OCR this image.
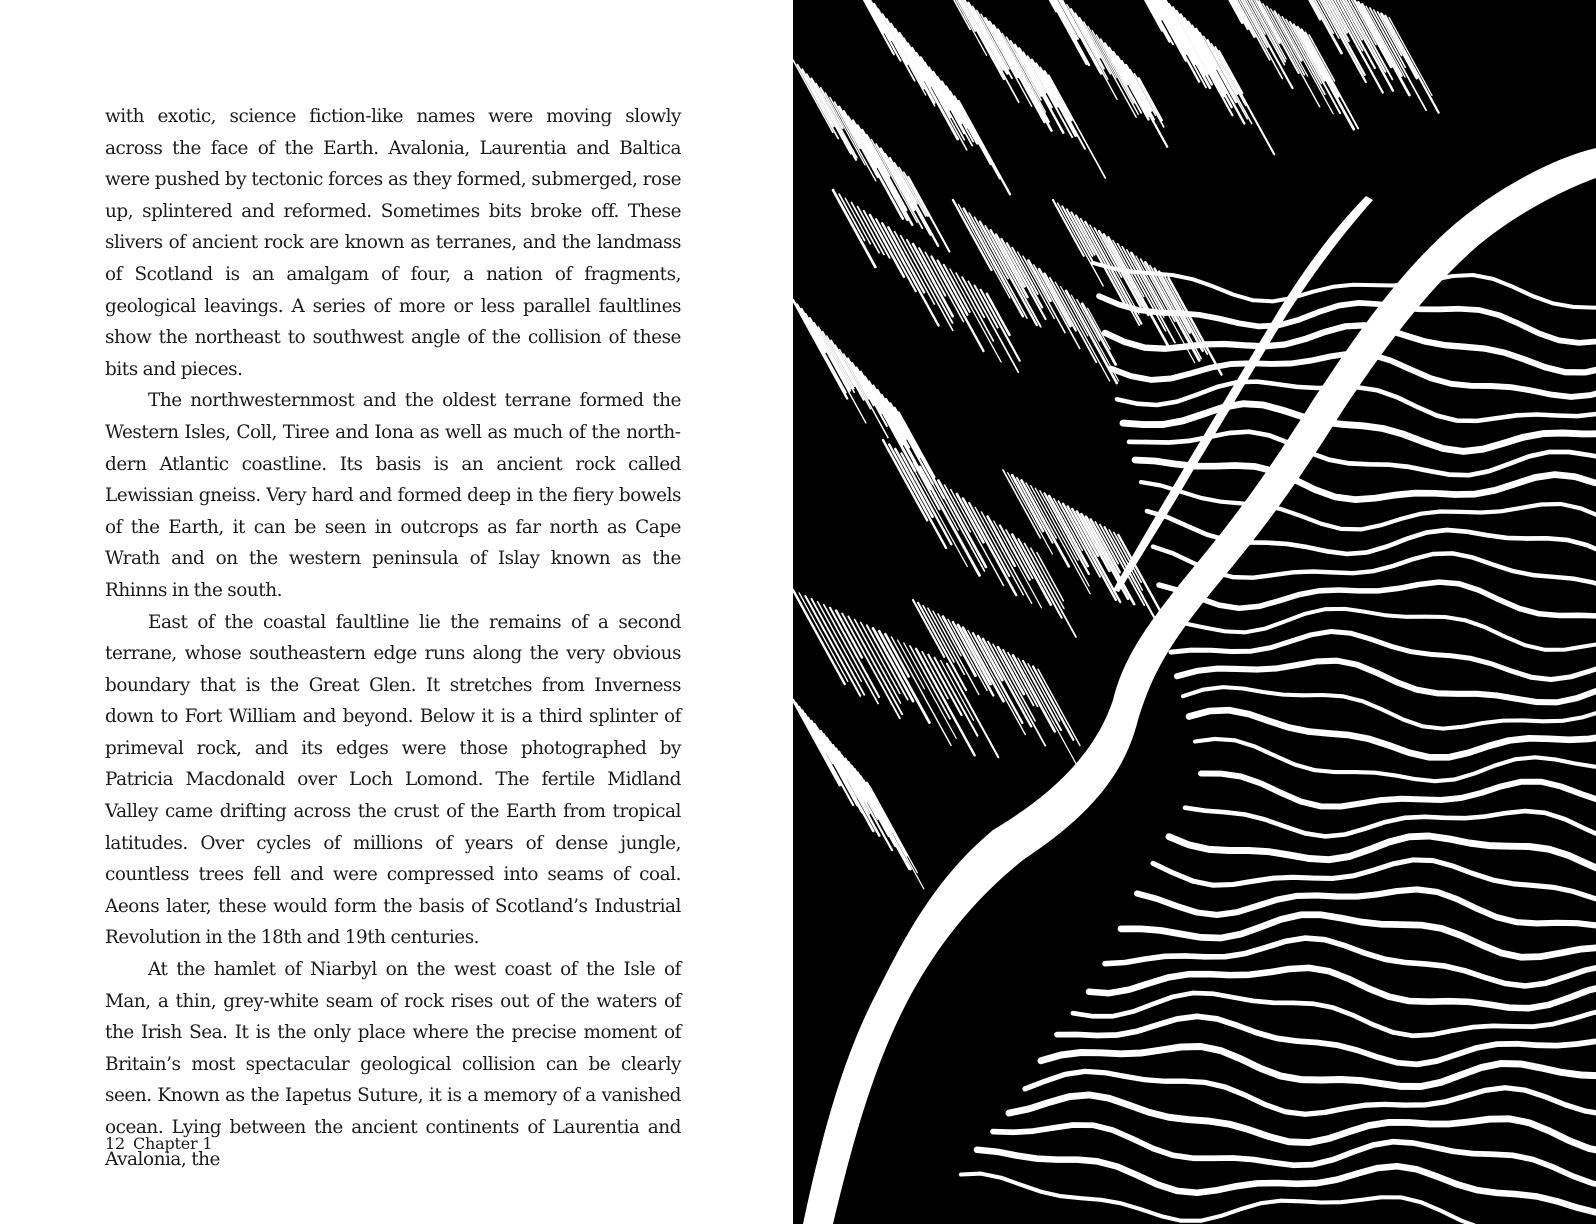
with exotic, science fiction-like names were moving slowly across the face of the Earth. Avalonia, Laurentia and Baltica were pushed by tectonic forces as they formed, submerged, rose up, splintered and reformed. Sometimes bits broke off. These slivers of ancient rock are known as terranes, and the landmass of Scotland is an amalgam of four, a nation of fragments, geological leavings. A series of more or less parallel faultlines show the northeast to southwest angle of the collision of these bits and pieces.

The northwesternmost and the oldest terrane formed the Western Isles, Coll, Tiree and Iona as well as much of the northdern Atlantic coastline. Its basis is an ancient rock called Lewissian gneiss. Very hard and formed deep in the fiery bowels of the Earth, it can be seen in outcrops as far north as Cape Wrath and on the western peninsula of Islay known as the Rhinns in the south.

East of the coastal faultline lie the remains of a second terrane, whose southeastern edge runs along the very obvious boundary that is the Great Glen. It stretches from Inverness down to Fort William and beyond. Below it is a third splinter of primeval rock, and its edges were those photographed by Patricia Macdonald over Loch Lomond. The fertile Midland Valley came drifting across the crust of the Earth from tropical latitudes. Over cycles of millions of years of dense jungle, countless trees fell and were compressed into seams of coal. Aeons later, these would form the basis of Scotland’s Industrial Revolution in the 18th and 19th centuries.

At the hamlet of Niarbyl on the west coast of the Isle of Man, a thin, grey-white seam of rock rises out of the waters of the Irish Sea. It is the only place where the precise moment of Britain’s most spectacular geological collision can be clearly seen. Known as the Iapetus Suture, it is a memory of a vanished ocean. Lying between the ancient continents of Laurentia and Avalonia, the

12 Chapter 1
